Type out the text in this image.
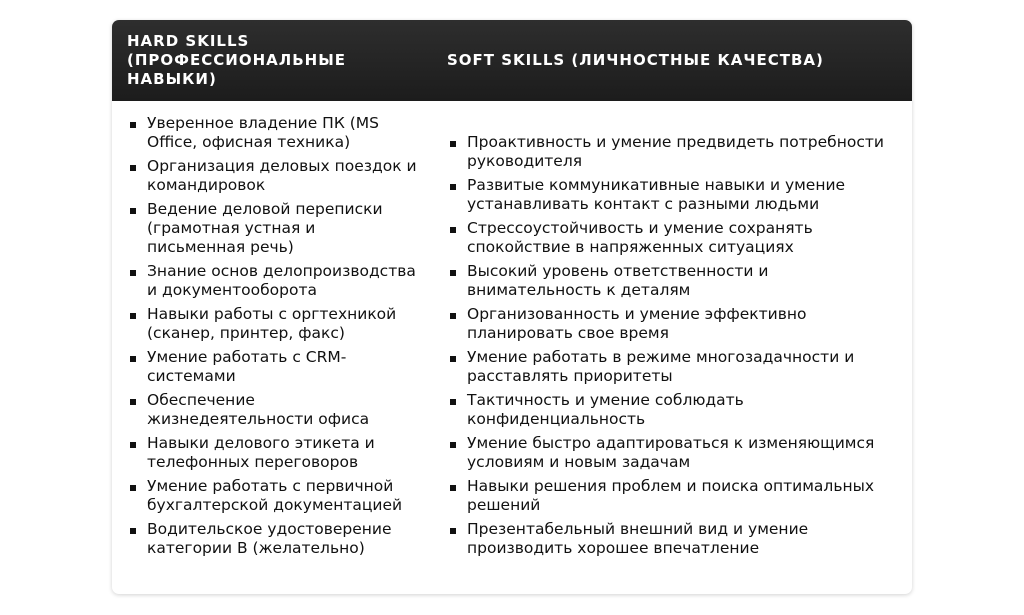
HARD SKILLS (ПРОФЕССИОНАЛЬНЫЕ НАВЫКИ)
SOFT SKILLS (ЛИЧНОСТНЫЕ КАЧЕСТВА)
Уверенное владение ПК (MS Office, офисная техника)
Организация деловых поездок и командировок
Ведение деловой переписки (грамотная устная и письменная речь)
Знание основ делопроизводства и документооборота
Навыки работы с оргтехникой (сканер, принтер, факс)
Умение работать с CRM-системами
Обеспечение жизнедеятельности офиса
Навыки делового этикета и телефонных переговоров
Умение работать с первичной бухгалтерской документацией
Водительское удостоверение категории B (желательно)
Проактивность и умение предвидеть потребности руководителя
Развитые коммуникативные навыки и умение устанавливать контакт с разными людьми
Стрессоустойчивость и умение сохранять спокойствие в напряженных ситуациях
Высокий уровень ответственности и внимательность к деталям
Организованность и умение эффективно планировать свое время
Умение работать в режиме многозадачности и расставлять приоритеты
Тактичность и умение соблюдать конфиденциальность
Умение быстро адаптироваться к изменяющимся условиям и новым задачам
Навыки решения проблем и поиска оптимальных решений
Презентабельный внешний вид и умение производить хорошее впечатление
